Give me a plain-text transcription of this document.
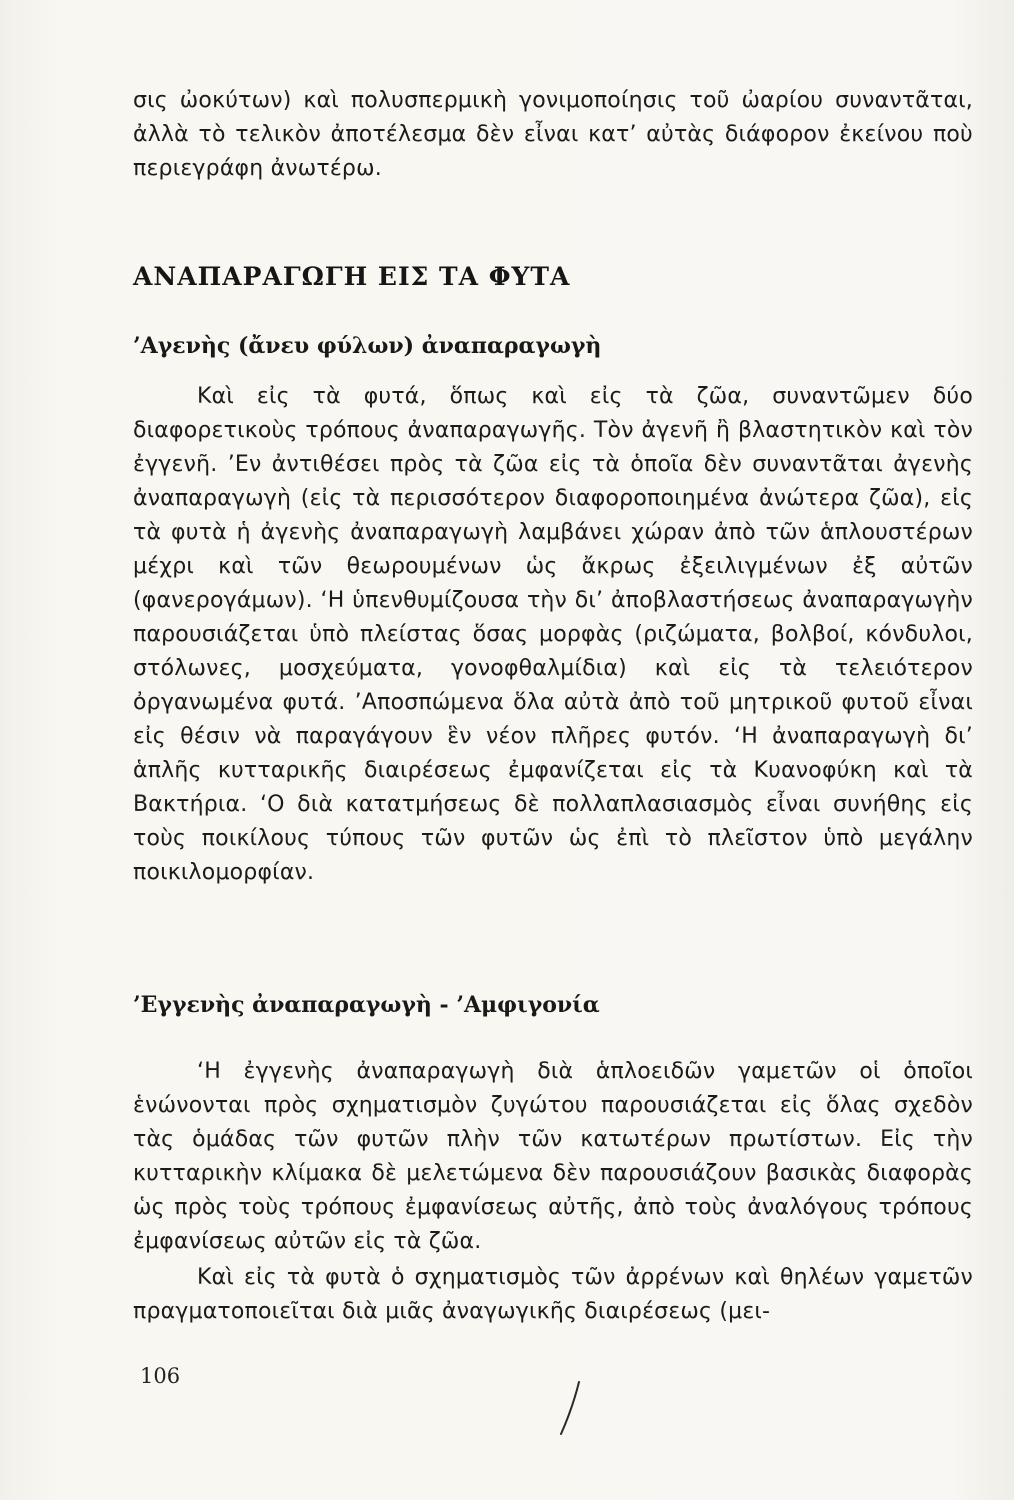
σις ὠοκύτων) καὶ πολυσπερμικὴ γονιμοποίησις τοῦ ὠαρίου συναντᾶται, ἀλλὰ τὸ τελικὸν ἀποτέλεσμα δὲν εἶναι κατ’ αὐτὰς διάφορον ἐκείνου ποὺ περιεγράφη ἀνωτέρω.

ΑΝΑΠΑΡΑΓΩΓΗ ΕΙΣ ΤΑ ΦΥΤΑ
’Αγενὴς (ἄνευ φύλων) ἀναπαραγωγὴ

Καὶ εἰς τὰ φυτά, ὅπως καὶ εἰς τὰ ζῶα, συναντῶμεν δύο διαφορετικοὺς τρόπους ἀναπαραγωγῆς. Τὸν ἀγενῆ ἢ βλαστητικὸν καὶ τὸν ἐγγενῆ. ’Εν ἀντιθέσει πρὸς τὰ ζῶα εἰς τὰ ὁποῖα δὲν συναντᾶται ἀγενὴς ἀναπαραγωγὴ (εἰς τὰ περισσότερον διαφοροποιημένα ἀνώτερα ζῶα), εἰς τὰ φυτὰ ἡ ἀγενὴς ἀναπαραγωγὴ λαμβάνει χώραν ἀπὸ τῶν ἁπλουστέρων μέχρι καὶ τῶν θεωρουμένων ὡς ἄκρως ἐξειλιγμένων ἐξ αὐτῶν (φανερογάμων). ‘Η ὑπενθυμίζουσα τὴν δι’ ἀποβλαστήσεως ἀναπαραγωγὴν παρουσιάζεται ὑπὸ πλείστας ὅσας μορφὰς (ριζώματα, βολβοί, κόνδυλοι, στόλωνες, μοσχεύματα, γονοφθαλμίδια) καὶ εἰς τὰ τελειότερον ὀργανωμένα φυτά. ’Αποσπώμενα ὅλα αὐτὰ ἀπὸ τοῦ μητρικοῦ φυτοῦ εἶναι εἰς θέσιν νὰ παραγάγουν ἓν νέον πλῆρες φυτόν. ‘Η ἀναπαραγωγὴ δι’ ἁπλῆς κυτταρικῆς διαιρέσεως ἐμφανίζεται εἰς τὰ Κυανοφύκη καὶ τὰ Βακτήρια. ‘Ο διὰ κατατμήσεως δὲ πολλαπλασιασμὸς εἶναι συνήθης εἰς τοὺς ποικίλους τύπους τῶν φυτῶν ὡς ἐπὶ τὸ πλεῖστον ὑπὸ μεγάλην ποικιλομορφίαν.

’Εγγενὴς ἀναπαραγωγὴ - ’Αμφιγονία

‘Η ἐγγενὴς ἀναπαραγωγὴ διὰ ἁπλοειδῶν γαμετῶν οἱ ὁποῖοι ἑνώνονται πρὸς σχηματισμὸν ζυγώτου παρουσιάζεται εἰς ὅλας σχεδὸν τὰς ὁμάδας τῶν φυτῶν πλὴν τῶν κατωτέρων πρωτίστων. Εἰς τὴν κυτταρικὴν κλίμακα δὲ μελετώμενα δὲν παρουσιάζουν βασικὰς διαφορὰς ὡς πρὸς τοὺς τρόπους ἐμφανίσεως αὐτῆς, ἀπὸ τοὺς ἀναλόγους τρόπους ἐμφανίσεως αὐτῶν εἰς τὰ ζῶα.

Καὶ εἰς τὰ φυτὰ ὁ σχηματισμὸς τῶν ἀρρένων καὶ θηλέων γαμετῶν πραγματοποιεῖται διὰ μιᾶς ἀναγωγικῆς διαιρέσεως (μει-

106
